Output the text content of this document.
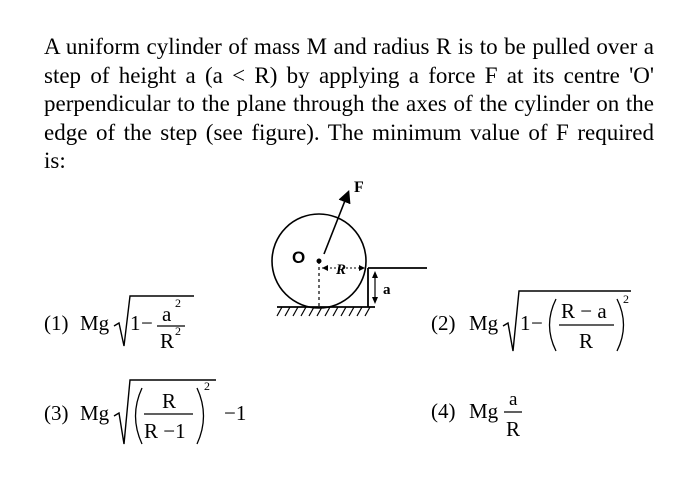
A uniform cylinder of mass M and radius R is to be pulled over a
step of height a (a < R) by applying a force F at its centre 'O'
perpendicular to the plane through the axes of the cylinder on the
edge of the step (see figure). The minimum value of F required
is:

R
F
O
a
(1) Mg 1 − a 2
R 2	(2) Mg 1 − R − a
R
2
(3) Mg	R
R −1
2
−1	(4) Mg a
R
